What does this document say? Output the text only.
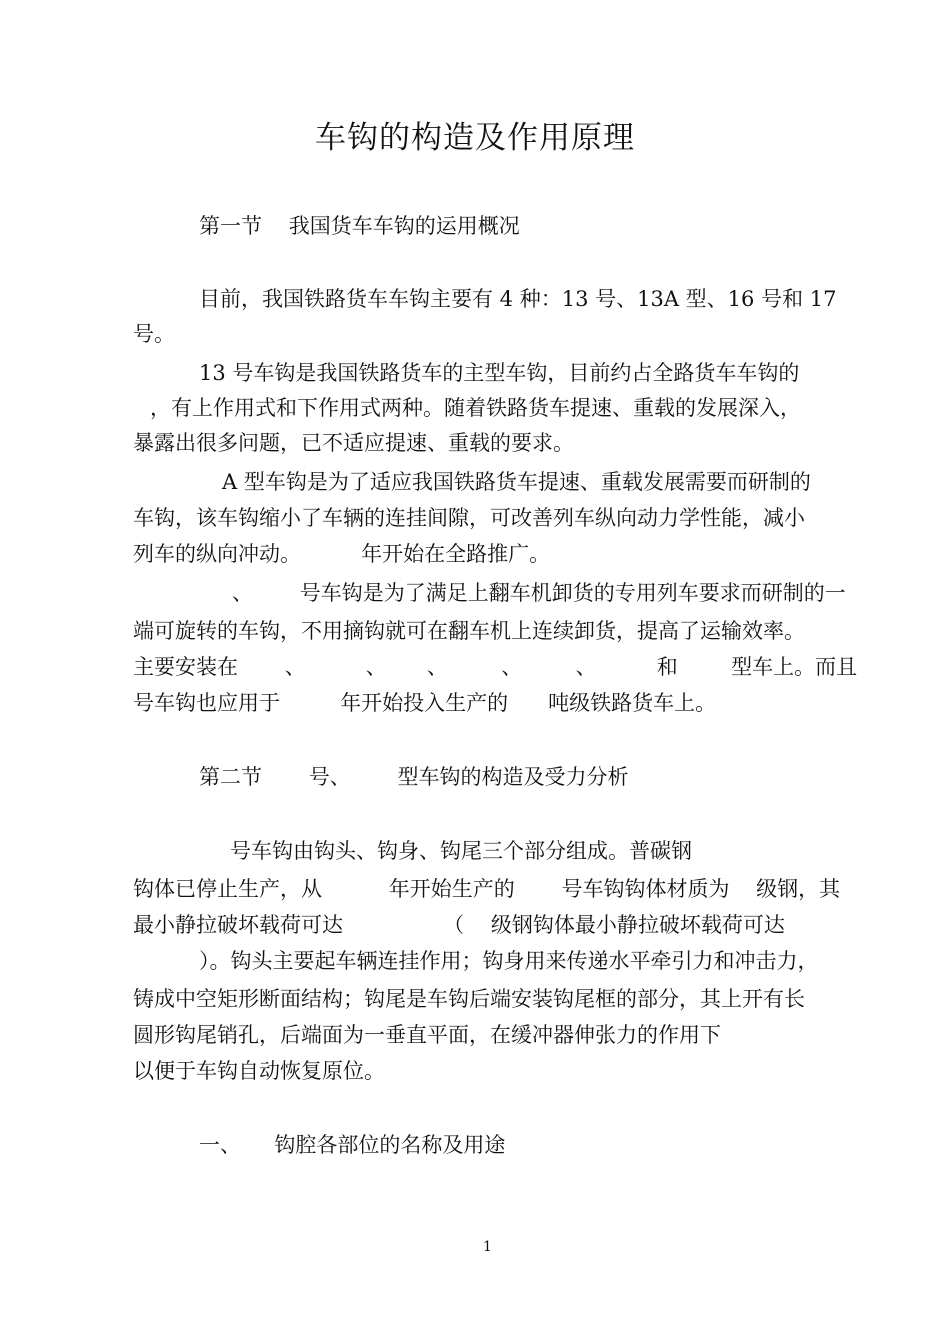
车钩的构造及作用原理
第一节    我国货车车钩的运用概况
目前，我国铁路货车车钩主要有 4 种：13 号、13A 型、16 号和 17
号。
13 号车钩是我国铁路货车的主型车钩，目前约占全路货车车钩的
，有上作用式和下作用式两种。随着铁路货车提速、重载的发展深入，
暴露出很多问题，已不适应提速、重载的要求。
A 型车钩是为了适应我国铁路货车提速、重载发展需要而研制的
车钩，该车钩缩小了车辆的连挂间隙，可改善列车纵向动力学性能，减小
列车的纵向冲动。         年开始在全路推广。
、       号车钩是为了满足上翻车机卸货的专用列车要求而研制的一
端可旋转的车钩，不用摘钩就可在翻车机上连续卸货，提高了运输效率。
主要安装在       、         、      、        、        、         和        型车上。而且
号车钩也应用于         年开始投入生产的      吨级铁路货车上。
第二节       号、       型车钩的构造及受力分析
号车钩由钩头、钩身、钩尾三个部分组成。普碳钢
钩体已停止生产，从          年开始生产的       号车钩钩体材质为    级钢，其
最小静拉破坏载荷可达               （    级钢钩体最小静拉破坏载荷可达
）。钩头主要起车辆连挂作用；钩身用来传递水平牵引力和冲击力，
铸成中空矩形断面结构；钩尾是车钩后端安装钩尾框的部分，其上开有长
圆形钩尾销孔，后端面为一垂直平面，在缓冲器伸张力的作用下
以便于车钩自动恢复原位。
一、     钩腔各部位的名称及用途
1
